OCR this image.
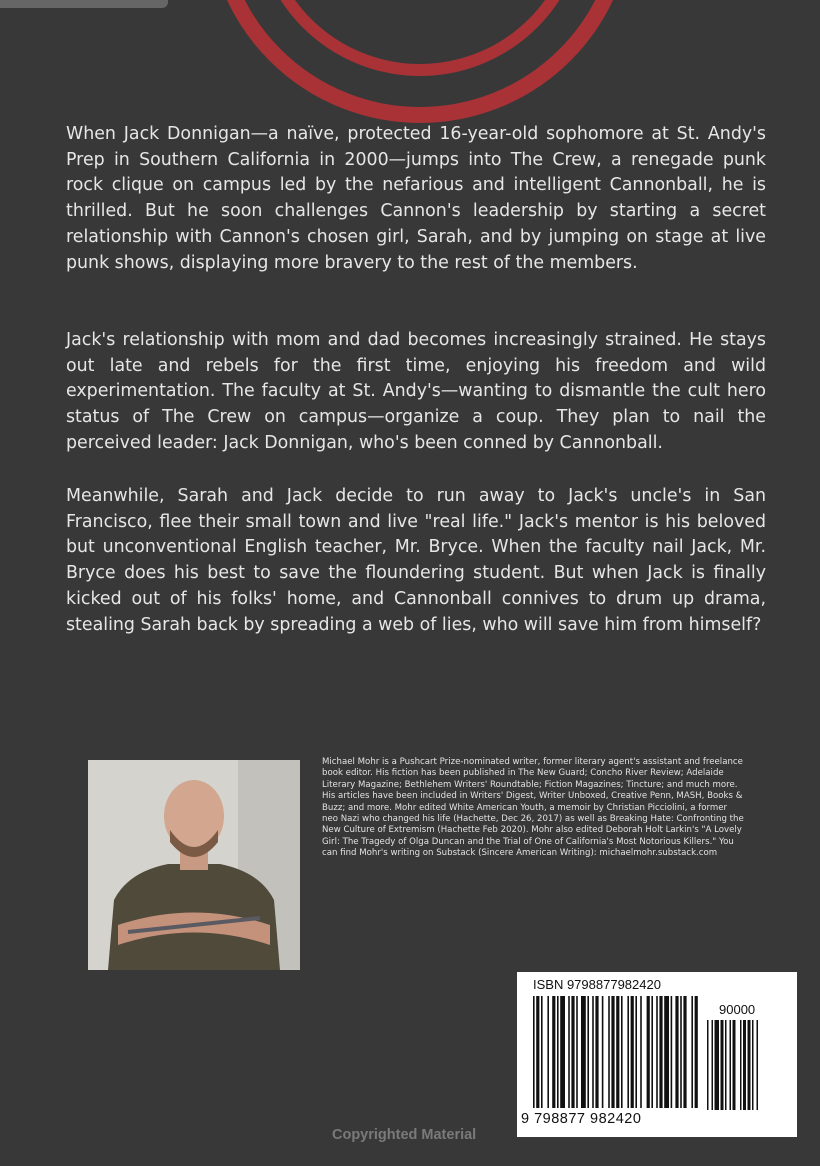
When Jack Donnigan—a naïve, protected 16-year-old sophomore at St. Andy's Prep in Southern California in 2000—jumps into The Crew, a renegade punk rock clique on campus led by the nefarious and intelligent Cannonball, he is thrilled. But he soon challenges Cannon's leadership by starting a secret relationship with Cannon's chosen girl, Sarah, and by jumping on stage at live punk shows, displaying more bravery to the rest of the members.

Jack's relationship with mom and dad becomes increasingly strained. He stays out late and rebels for the first time, enjoying his freedom and wild experimentation. The faculty at St. Andy's—wanting to dismantle the cult hero status of The Crew on campus—organize a coup. They plan to nail the perceived leader: Jack Donnigan, who's been conned by Cannonball.

Meanwhile, Sarah and Jack decide to run away to Jack's uncle's in San Francisco, flee their small town and live "real life." Jack's mentor is his beloved but unconventional English teacher, Mr. Bryce. When the faculty nail Jack, Mr. Bryce does his best to save the floundering student. But when Jack is finally kicked out of his folks' home, and Cannonball connives to drum up drama, stealing Sarah back by spreading a web of lies, who will save him from himself?

Michael Mohr is a Pushcart Prize-nominated writer, former literary agent's assistant and freelance book editor. His fiction has been published in The New Guard; Concho River Review; Adelaide Literary Magazine; Bethlehem Writers' Roundtable; Fiction Magazines; Tincture; and much more. His articles have been included in Writers' Digest, Writer Unboxed, Creative Penn, MASH, Books & Buzz; and more. Mohr edited White American Youth, a memoir by Christian Picciolini, a former neo Nazi who changed his life (Hachette, Dec 26, 2017) as well as Breaking Hate: Confronting the New Culture of Extremism (Hachette Feb 2020). Mohr also edited Deborah Holt Larkin's "A Lovely Girl: The Tragedy of Olga Duncan and the Trial of One of California's Most Notorious Killers." You can find Mohr's writing on Substack (Sincere American Writing): michaelmohr.substack.com

ISBN 9798877982420
90000
9 798877 982420
Copyrighted Material
